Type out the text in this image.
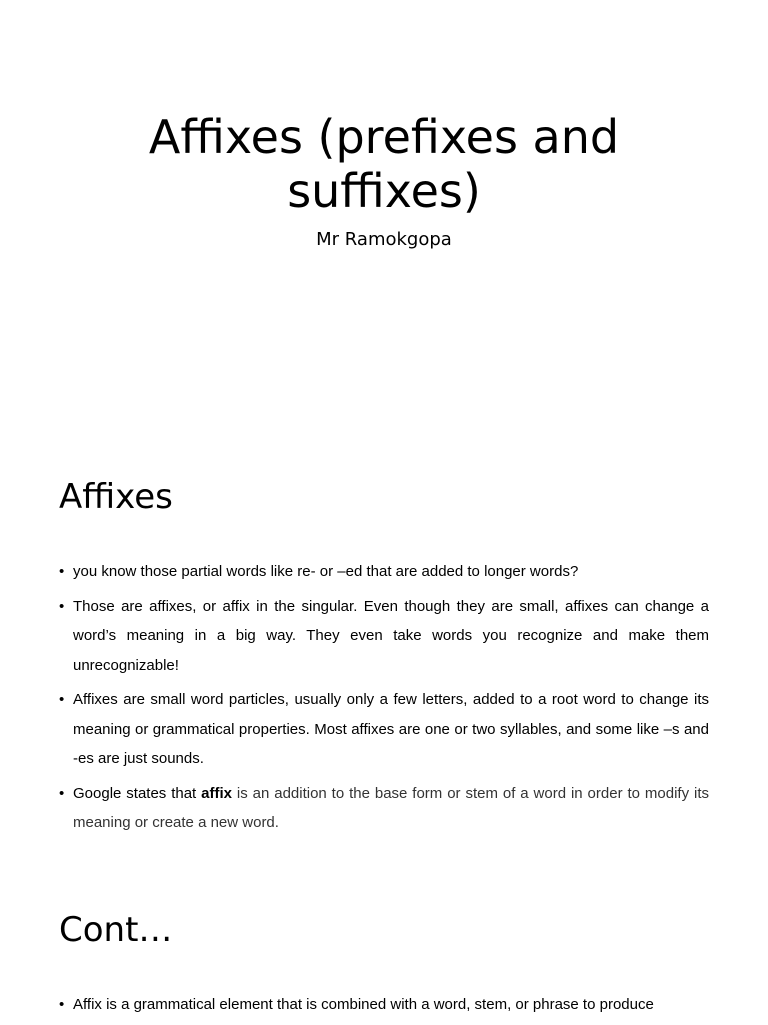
Affixes (prefixes and suffixes)
Mr Ramokgopa
Affixes
• you know those partial words like re- or –ed that are added to longer words?
• Those are affixes, or affix in the singular. Even though they are small, affixes can change a word’s meaning in a big way. They even take words you recognize and make them unrecognizable!
• Affixes are small word particles, usually only a few letters, added to a root word to change its meaning or grammatical properties. Most affixes are one or two syllables, and some like –s and -es are just sounds.
• Google states that affix is an addition to the base form or stem of a word in order to modify its meaning or create a new word.
Cont…
• Affix is a grammatical element that is combined with a word, stem, or phrase to produce
